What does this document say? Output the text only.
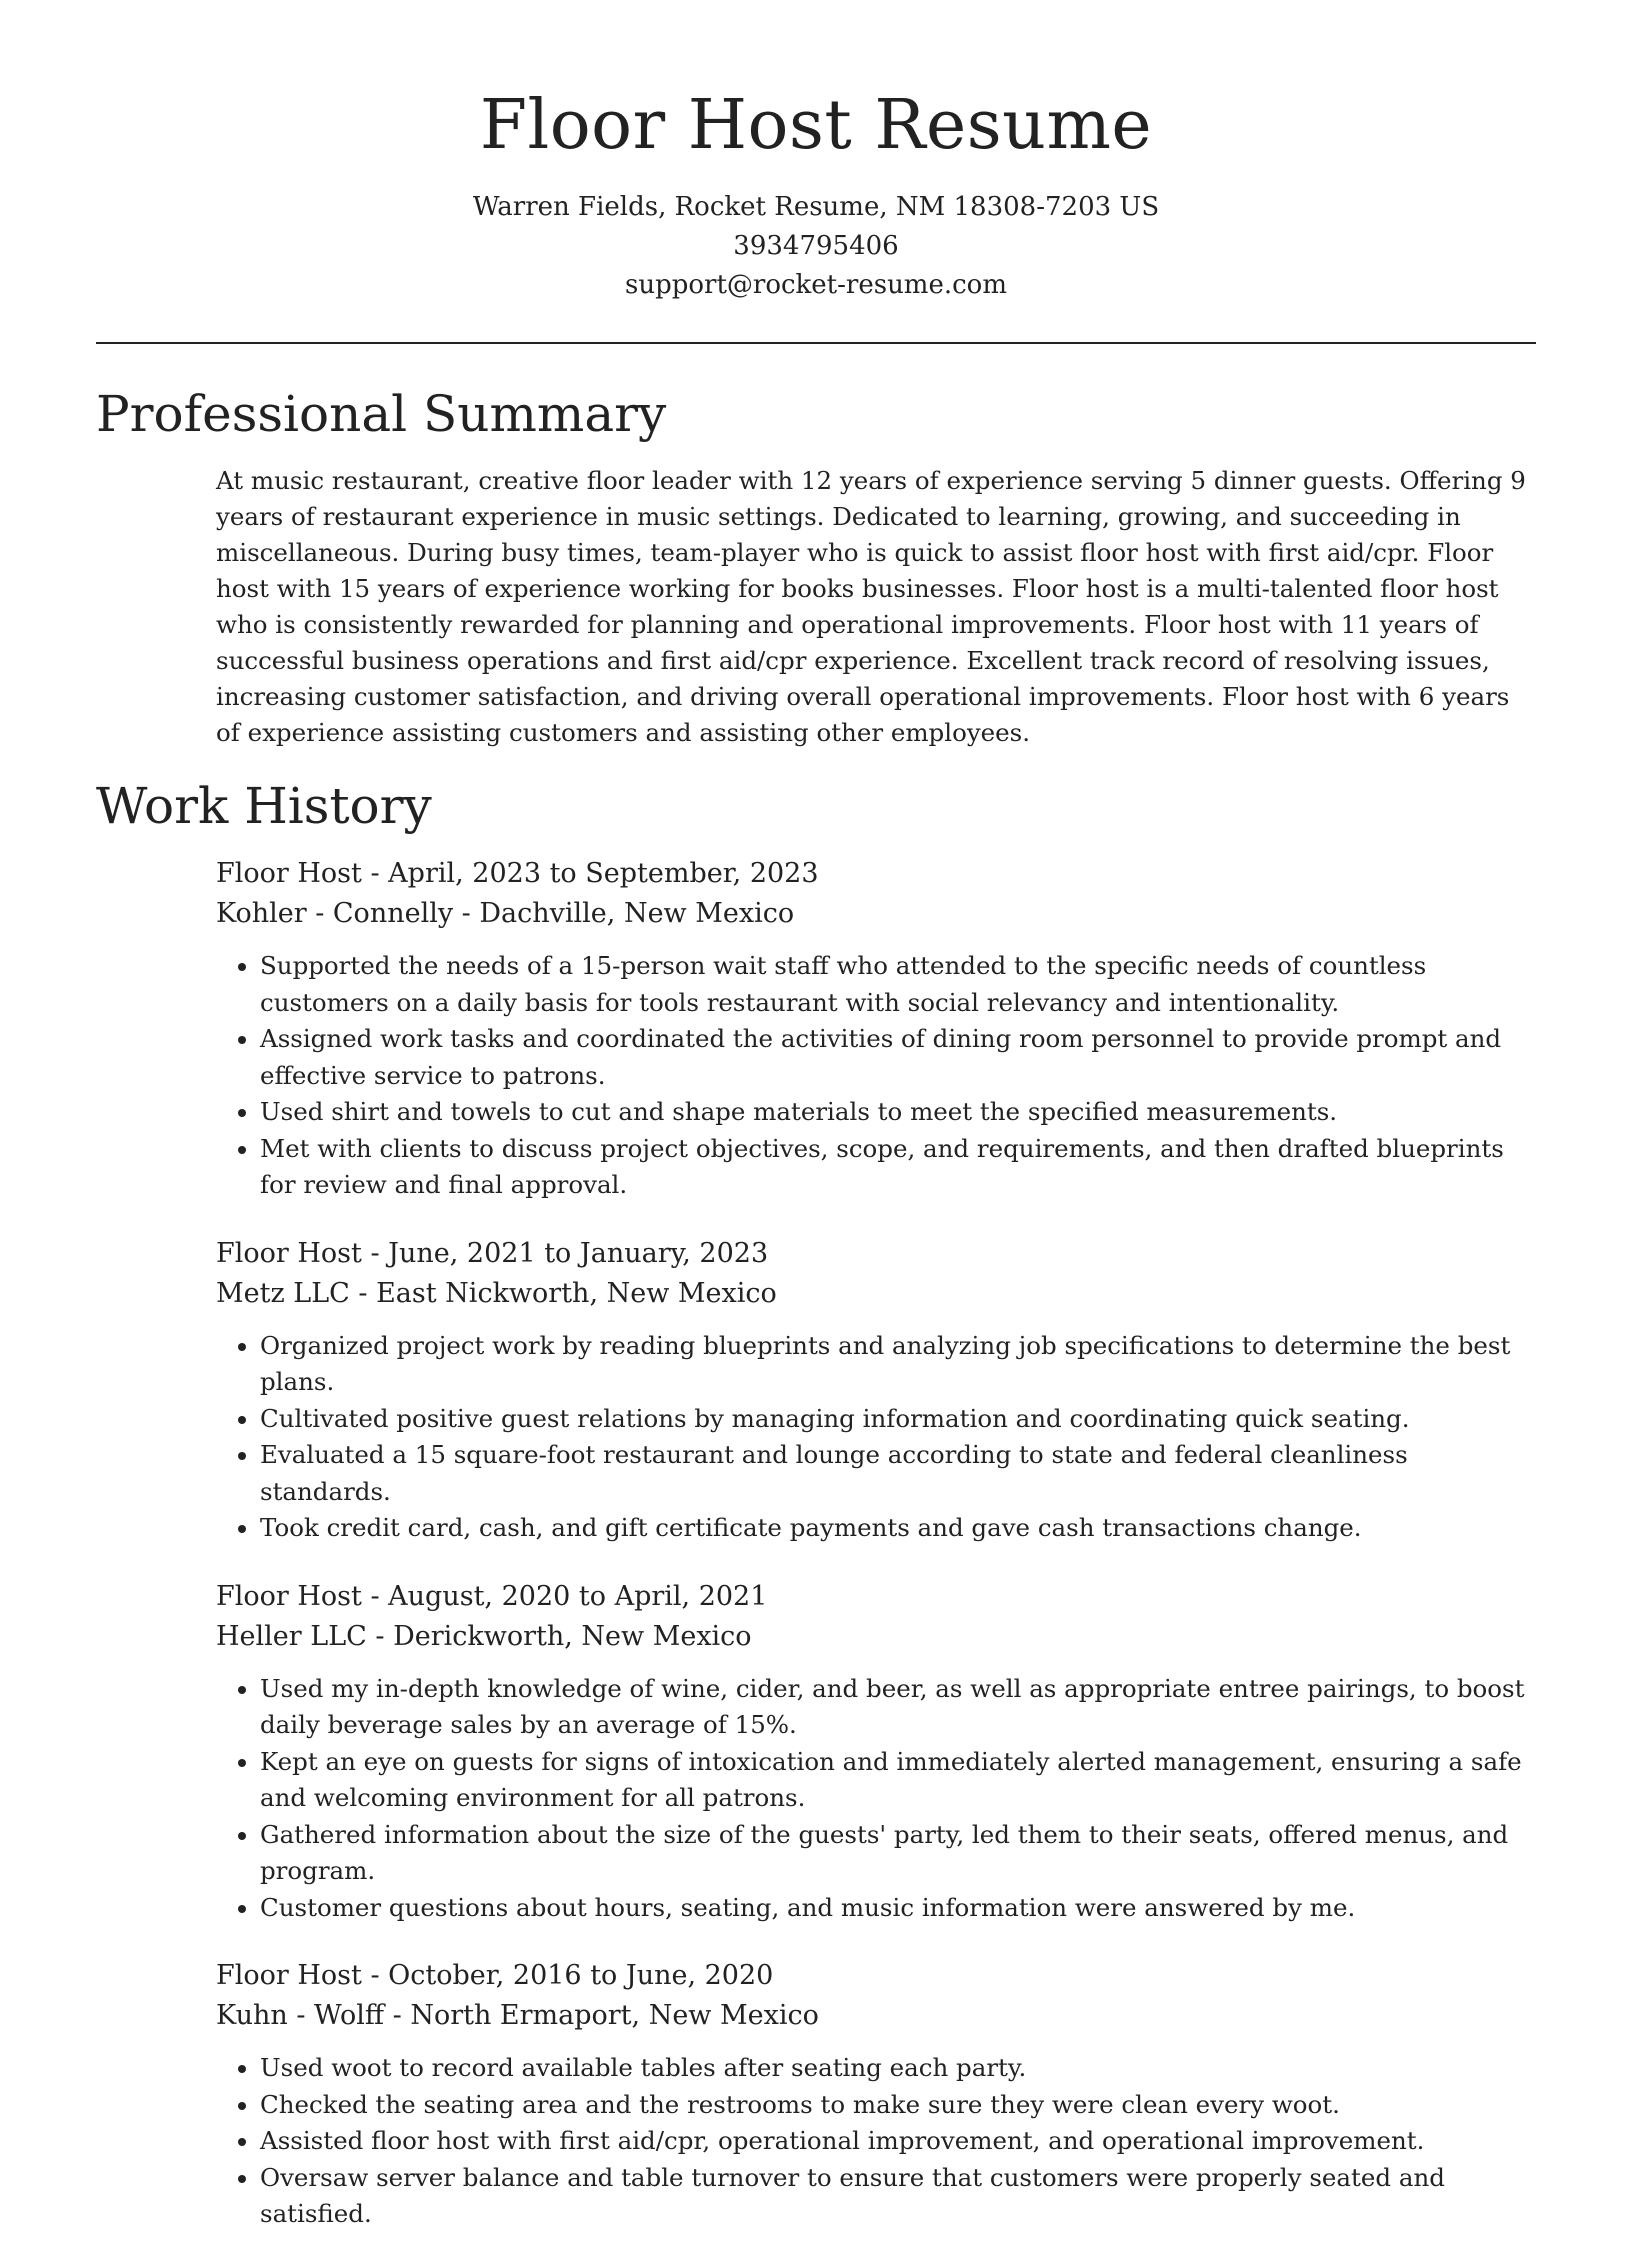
Floor Host Resume
Warren Fields, Rocket Resume, NM 18308-7203 US
3934795406
support@rocket-resume.com
Professional Summary

At music restaurant, creative floor leader with 12 years of experience serving 5 dinner guests. Offering 9 years of restaurant experience in music settings. Dedicated to learning, growing, and succeeding in miscellaneous. During busy times, team-player who is quick to assist floor host with first aid/cpr. Floor host with 15 years of experience working for books businesses. Floor host is a multi-talented floor host who is consistently rewarded for planning and operational improvements. Floor host with 11 years of successful business operations and first aid/cpr experience. Excellent track record of resolving issues, increasing customer satisfaction, and driving overall operational improvements. Floor host with 6 years of experience assisting customers and assisting other employees.

Work History

Floor Host - April, 2023 to September, 2023

Kohler - Connelly - Dachville, New Mexico

• Supported the needs of a 15-person wait staff who attended to the specific needs of countless customers on a daily basis for tools restaurant with social relevancy and intentionality.
• Assigned work tasks and coordinated the activities of dining room personnel to provide prompt and effective service to patrons.
• Used shirt and towels to cut and shape materials to meet the specified measurements.
• Met with clients to discuss project objectives, scope, and requirements, and then drafted blueprints for review and final approval.

Floor Host - June, 2021 to January, 2023

Metz LLC - East Nickworth, New Mexico

• Organized project work by reading blueprints and analyzing job specifications to determine the best plans.
• Cultivated positive guest relations by managing information and coordinating quick seating.
• Evaluated a 15 square-foot restaurant and lounge according to state and federal cleanliness standards.
• Took credit card, cash, and gift certificate payments and gave cash transactions change.

Floor Host - August, 2020 to April, 2021

Heller LLC - Derickworth, New Mexico

• Used my in-depth knowledge of wine, cider, and beer, as well as appropriate entree pairings, to boost daily beverage sales by an average of 15%.
• Kept an eye on guests for signs of intoxication and immediately alerted management, ensuring a safe and welcoming environment for all patrons.
• Gathered information about the size of the guests' party, led them to their seats, offered menus, and program.
• Customer questions about hours, seating, and music information were answered by me.

Floor Host - October, 2016 to June, 2020

Kuhn - Wolff - North Ermaport, New Mexico

• Used woot to record available tables after seating each party.
• Checked the seating area and the restrooms to make sure they were clean every woot.
• Assisted floor host with first aid/cpr, operational improvement, and operational improvement.
• Oversaw server balance and table turnover to ensure that customers were properly seated and satisfied.
